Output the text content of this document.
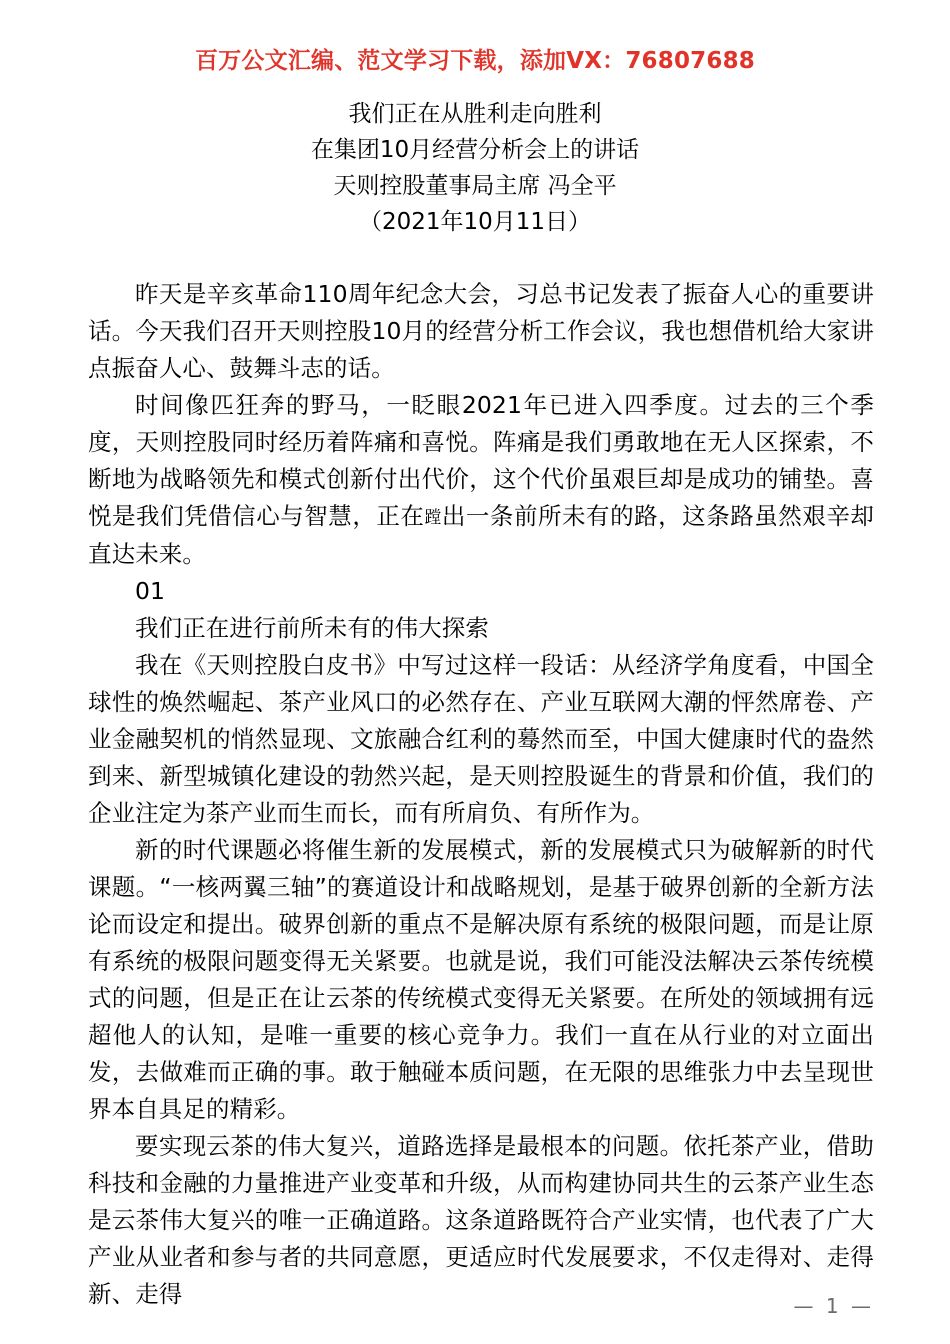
百万公文汇编、范文学习下载，添加VX：76807688
我们正在从胜利走向胜利
在集团10月经营分析会上的讲话
天则控股董事局主席 冯全平
（2021年10月11日）

昨天是辛亥革命110周年纪念大会，习总书记发表了振奋人心的重要讲话。今天我们召开天则控股10月的经营分析工作会议，我也想借机给大家讲点振奋人心、鼓舞斗志的话。

时间像匹狂奔的野马，一眨眼2021年已进入四季度。过去的三个季度，天则控股同时经历着阵痛和喜悦。阵痛是我们勇敢地在无人区探索，不断地为战略领先和模式创新付出代价，这个代价虽艰巨却是成功的铺垫。喜悦是我们凭借信心与智慧，正在蹚出一条前所未有的路，这条路虽然艰辛却直达未来。

01

我们正在进行前所未有的伟大探索

我在《天则控股白皮书》中写过这样一段话：从经济学角度看，中国全球性的焕然崛起、茶产业风口的必然存在、产业互联网大潮的怦然席卷、产业金融契机的悄然显现、文旅融合红利的蓦然而至，中国大健康时代的盎然到来、新型城镇化建设的勃然兴起，是天则控股诞生的背景和价值，我们的企业注定为茶产业而生而长，而有所肩负、有所作为。

新的时代课题必将催生新的发展模式，新的发展模式只为破解新的时代课题。“一核两翼三轴”的赛道设计和战略规划，是基于破界创新的全新方法论而设定和提出。破界创新的重点不是解决原有系统的极限问题，而是让原有系统的极限问题变得无关紧要。也就是说，我们可能没法解决云茶传统模式的问题，但是正在让云茶的传统模式变得无关紧要。在所处的领域拥有远超他人的认知，是唯一重要的核心竞争力。我们一直在从行业的对立面出发，去做难而正确的事。敢于触碰本质问题，在无限的思维张力中去呈现世界本自具足的精彩。

要实现云茶的伟大复兴，道路选择是最根本的问题。依托茶产业，借助科技和金融的力量推进产业变革和升级，从而构建协同共生的云茶产业生态是云茶伟大复兴的唯一正确道路。这条道路既符合产业实情，也代表了广大产业从业者和参与者的共同意愿，更适应时代发展要求，不仅走得对、走得新、走得	— 1 —
